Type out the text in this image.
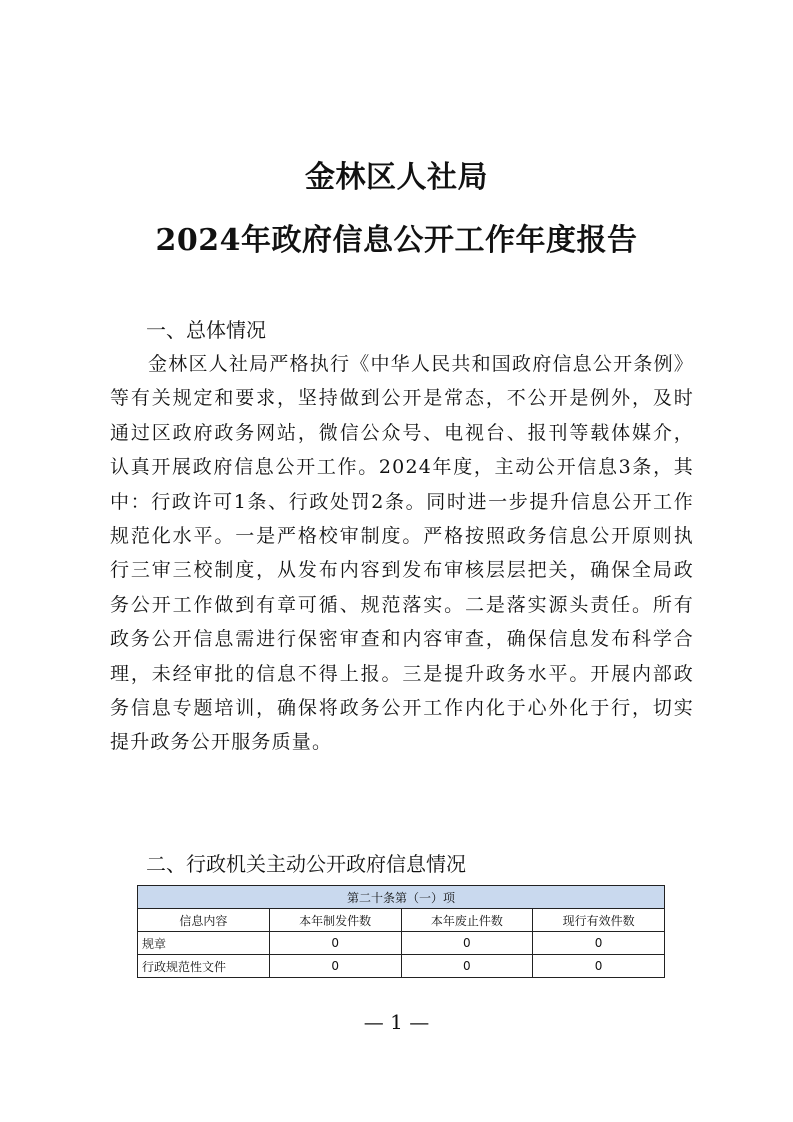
金林区人社局
2024年政府信息公开工作年度报告
一、总体情况

金林区人社局严格执行《中华人民共和国政府信息公开条例》等有关规定和要求，坚持做到公开是常态，不公开是例外，及时通过区政府政务网站，微信公众号、电视台、报刊等载体媒介，认真开展政府信息公开工作。2024年度，主动公开信息3条，其中：行政许可1条、行政处罚2条。同时进一步提升信息公开工作规范化水平。一是严格校审制度。严格按照政务信息公开原则执行三审三校制度，从发布内容到发布审核层层把关，确保全局政务公开工作做到有章可循、规范落实。二是落实源头责任。所有政务公开信息需进行保密审查和内容审查，确保信息发布科学合理，未经审批的信息不得上报。三是提升政务水平。开展内部政务信息专题培训，确保将政务公开工作内化于心外化于行，切实提升政务公开服务质量。

二、行政机关主动公开政府信息情况
第二十条第（一）项			
信息内容	本年制发件数	本年废止件数	现行有效件数
规章	0	0	0
行政规范性文件	0	0	0
— 1 —
